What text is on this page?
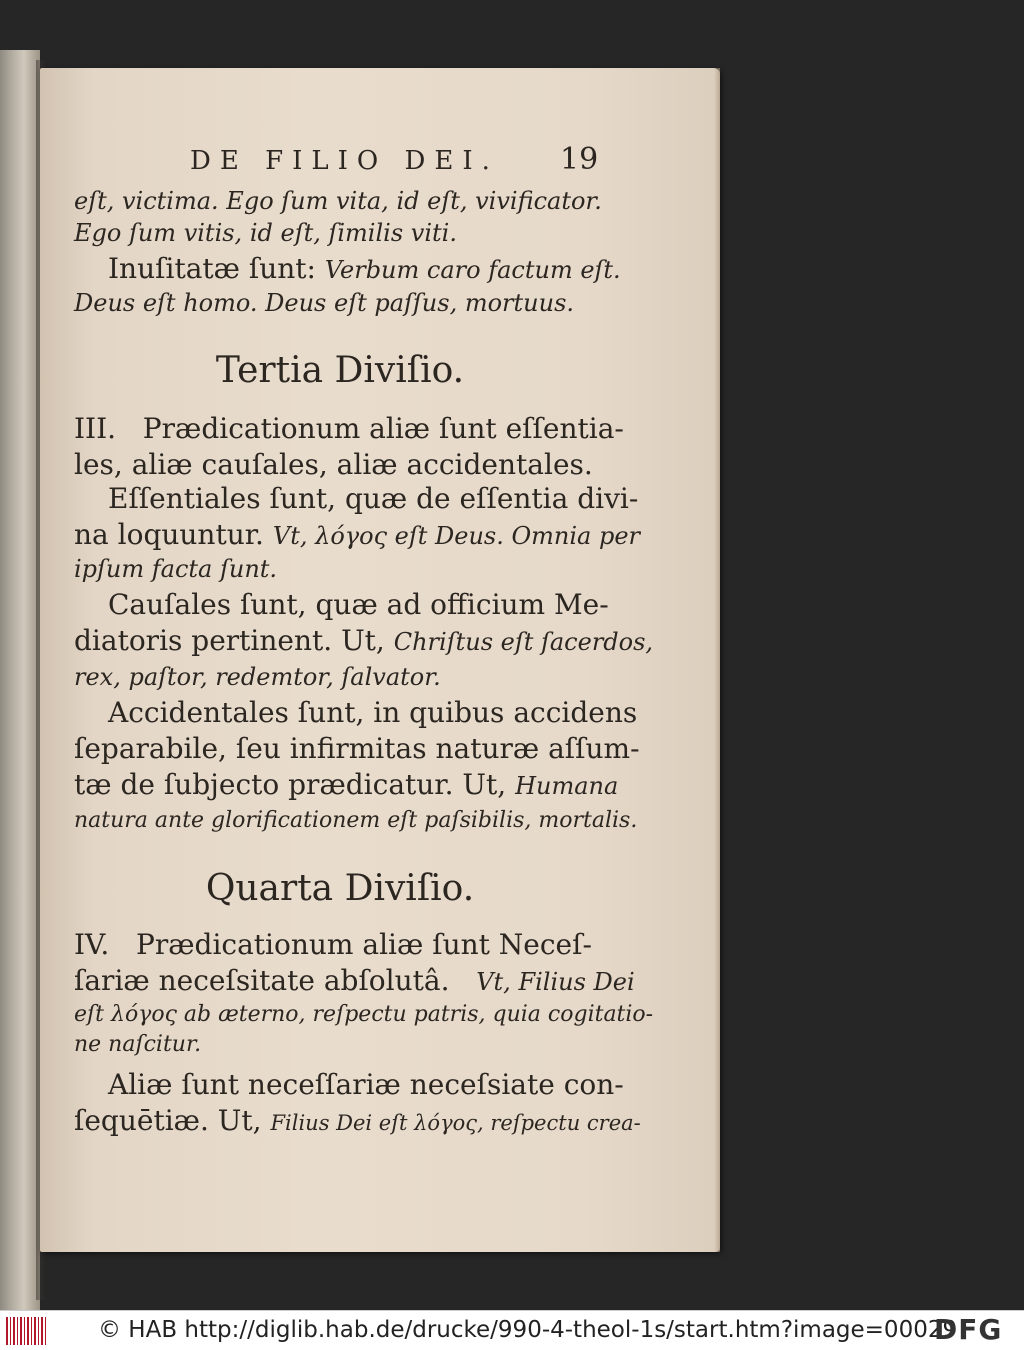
DE FILIO DEI. 19
eſt, victima. Ego ſum vita, id eſt, vivificator.
Ego ſum vitis, id eſt, ſimilis viti.
Inuſitatæ ſunt: Verbum caro factum eſt.
Deus eſt homo. Deus eſt paſſus, mortuus.
Tertia Diviſio.
III. Prædicationum aliæ ſunt eſſentia-
les, aliæ cauſales, aliæ accidentales.
Eſſentiales ſunt, quæ de eſſentia divi-
na loquuntur. Vt, λόγος eſt Deus. Omnia per
ipſum facta ſunt.
Cauſales ſunt, quæ ad officium Me-
diatoris pertinent. Ut, Chriſtus eſt ſacerdos,
rex, paſtor, redemtor, ſalvator.
Accidentales ſunt, in quibus accidens
ſeparabile, ſeu infirmitas naturæ aſſum-
tæ de ſubjecto prædicatur. Ut, Humana
natura ante glorificationem eſt paſsibilis, mortalis.
Quarta Diviſio.
IV. Prædicationum aliæ ſunt Neceſ-
ſariæ neceſsitate abſolutâ. Vt, Filius Dei
eſt λόγος ab æterno, reſpectu patris, quia cogitatio-
ne naſcitur.
Aliæ ſunt neceſſariæ neceſsiate con-
ſequētiæ. Ut, Filius Dei eſt λόγος, reſpectu crea-
© HAB http://diglib.hab.de/drucke/990-4-theol-1s/start.htm?image=00029
DFG
